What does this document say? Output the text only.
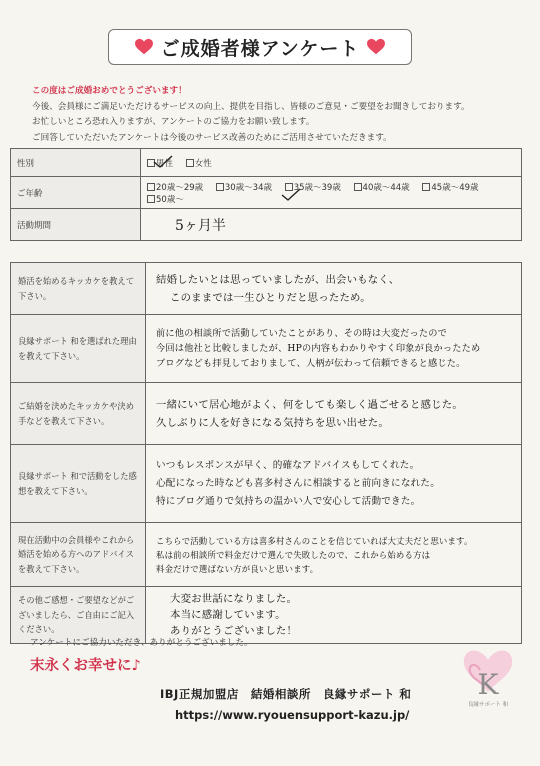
ご成婚者様アンケート
この度はご成婚おめでとうございます！
今後、会員様にご満足いただけるサービスの向上、提供を目指し、皆様のご意見・ご要望をお聞きしております。
お忙しいところ恐れ入りますが、アンケートのご協力をお願い致します。
ご回答していただいたアンケートは今後のサービス改善のためにご活用させていただきます。
性別	男性 女性
ご年齢	20歳～29歳 30歳～34歳 35歳～39歳 40歳～44歳 45歳～49歳 50歳～
活動期間	5ヶ月半
婚活を始めるキッカケを教えて下さい。	結婚したいとは思っていましたが、出会いもなく、
このままでは一生ひとりだと思ったため。

良縁サポート 和を選ばれた理由を教えて下さい。	前に他の相談所で活動していたことがあり、その時は大変だったので
今回は他社と比較しましたが、HPの内容もわかりやすく印象が良かったため
ブログなども拝見しておりまして、人柄が伝わって信頼できると感じた。

ご結婚を決めたキッカケや決め手などを教えて下さい。	一緒にいて居心地がよく、何をしても楽しく過ごせると感じた。
久しぶりに人を好きになる気持ちを思い出せた。

良縁サポート 和で活動をした感想を教えて下さい。	いつもレスポンスが早く、的確なアドバイスもしてくれた。
心配になった時なども喜多村さんに相談すると前向きになれた。
特にブログ通りで気持ちの温かい人で安心して活動できた。

現在活動中の会員様やこれから婚活を始める方へのアドバイスを教えて下さい。	こちらで活動している方は喜多村さんのことを信じていれば大丈夫だと思います。
私は前の相談所で料金だけで選んで失敗したので、これから始める方は
料金だけで選ばない方が良いと思います。

その他ご感想・ご要望などがございましたら、ご自由にご記入ください。	大変お世話になりました。
本当に感謝しています。
ありがとうございました！
アンケートにご協力いただき、ありがとうございました。
末永くお幸せに♪
IBJ正規加盟店　結婚相談所　良縁サポート 和
https://www.ryouensupport-kazu.jp/
K
良縁サポート 和
